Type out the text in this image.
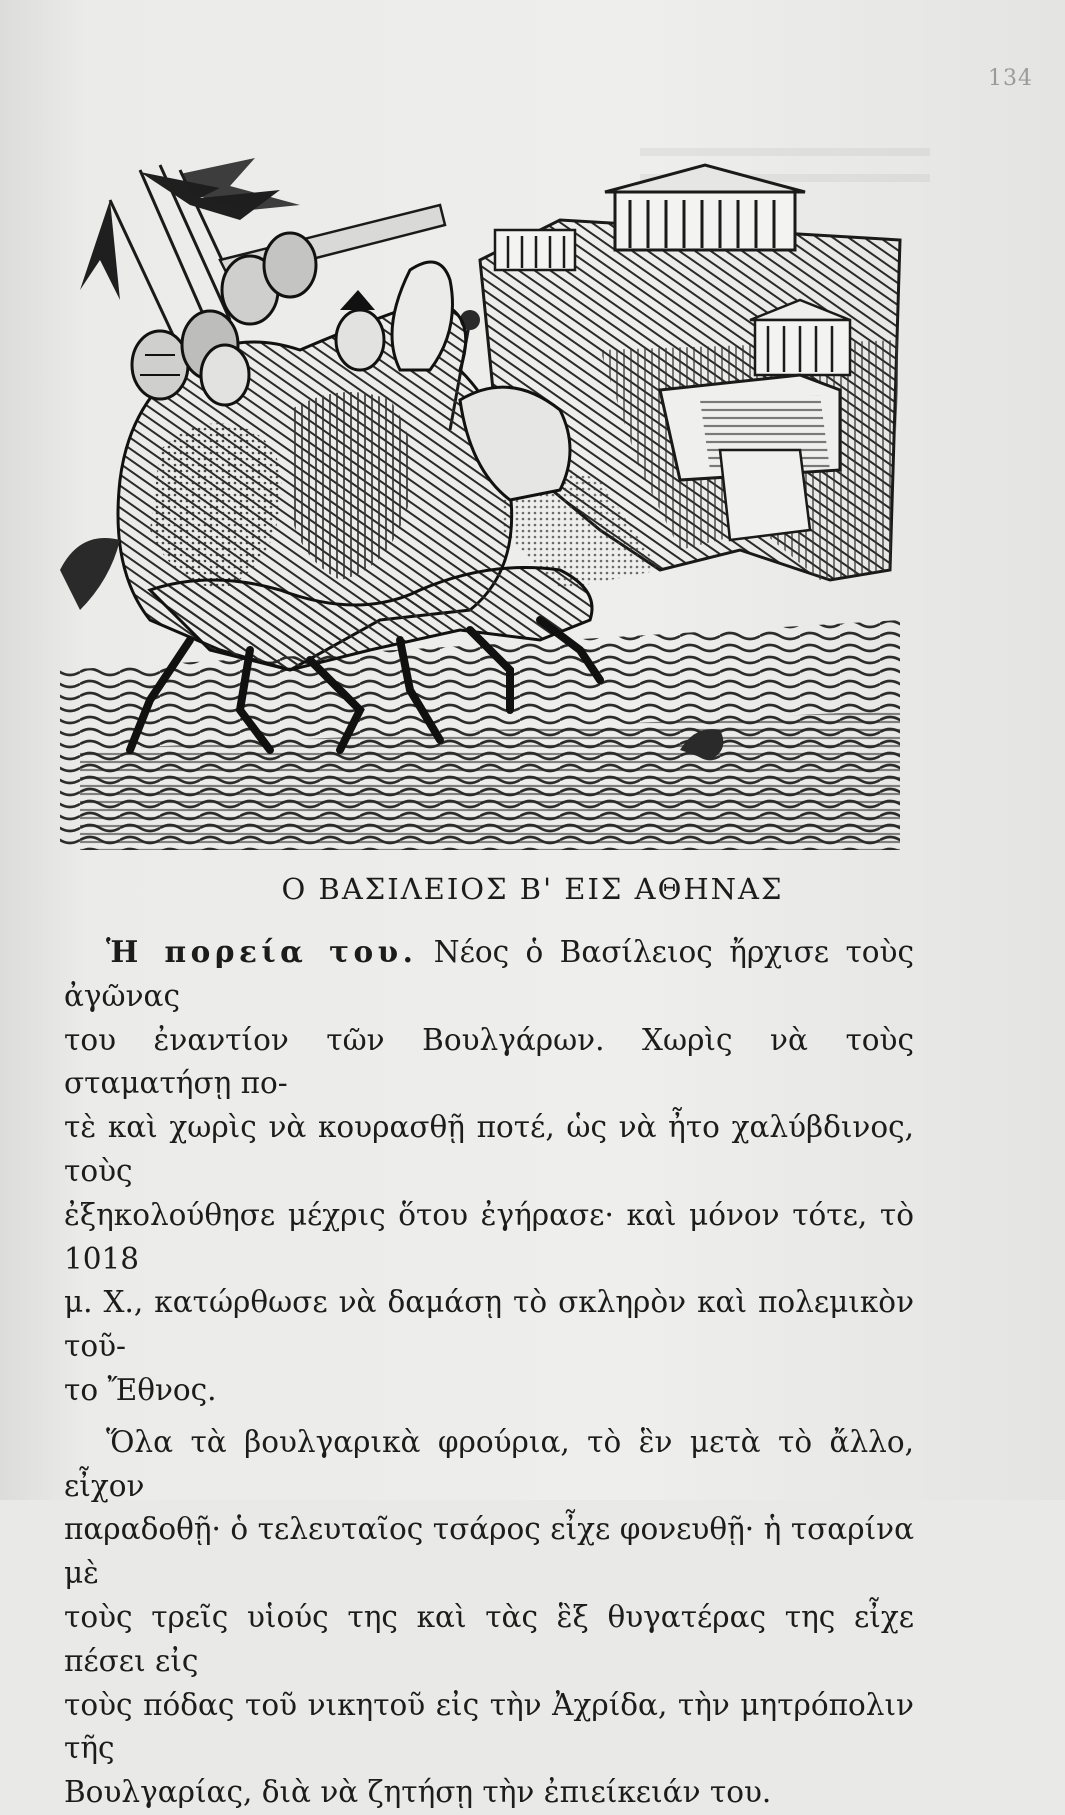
134
Ο ΒΑΣΙΛΕΙΟΣ Β' ΕΙΣ ΑΘΗΝΑΣ

Ἡ πορεία του. Νέος ὁ Βασίλειος ἤρχισε τοὺς ἀγῶνας
του ἐναντίον τῶν Βουλγάρων. Χωρὶς νὰ τοὺς σταματήσῃ πο-
τὲ καὶ χωρὶς νὰ κουρασθῇ ποτέ, ὡς νὰ ἦτο χαλύβδινος, τοὺς
ἐξηκολούθησε μέχρις ὅτου ἐγήρασε· καὶ μόνον τότε, τὸ 1018
μ. Χ., κατώρθωσε νὰ δαμάσῃ τὸ σκληρὸν καὶ πολεμικὸν τοῦ-
το Ἔθνος.

Ὅλα τὰ βουλγαρικὰ φρούρια, τὸ ἓν μετὰ τὸ ἄλλο, εἶχον
παραδοθῇ· ὁ τελευταῖος τσάρος εἶχε φονευθῇ· ἡ τσαρίνα μὲ
τοὺς τρεῖς υἱούς της καὶ τὰς ἓξ θυγατέρας της εἶχε πέσει εἰς
τοὺς πόδας τοῦ νικητοῦ εἰς τὴν Ἀχρίδα, τὴν μητρόπολιν τῆς
Βουλγαρίας, διὰ νὰ ζητήσῃ τὴν ἐπιείκειάν του.
